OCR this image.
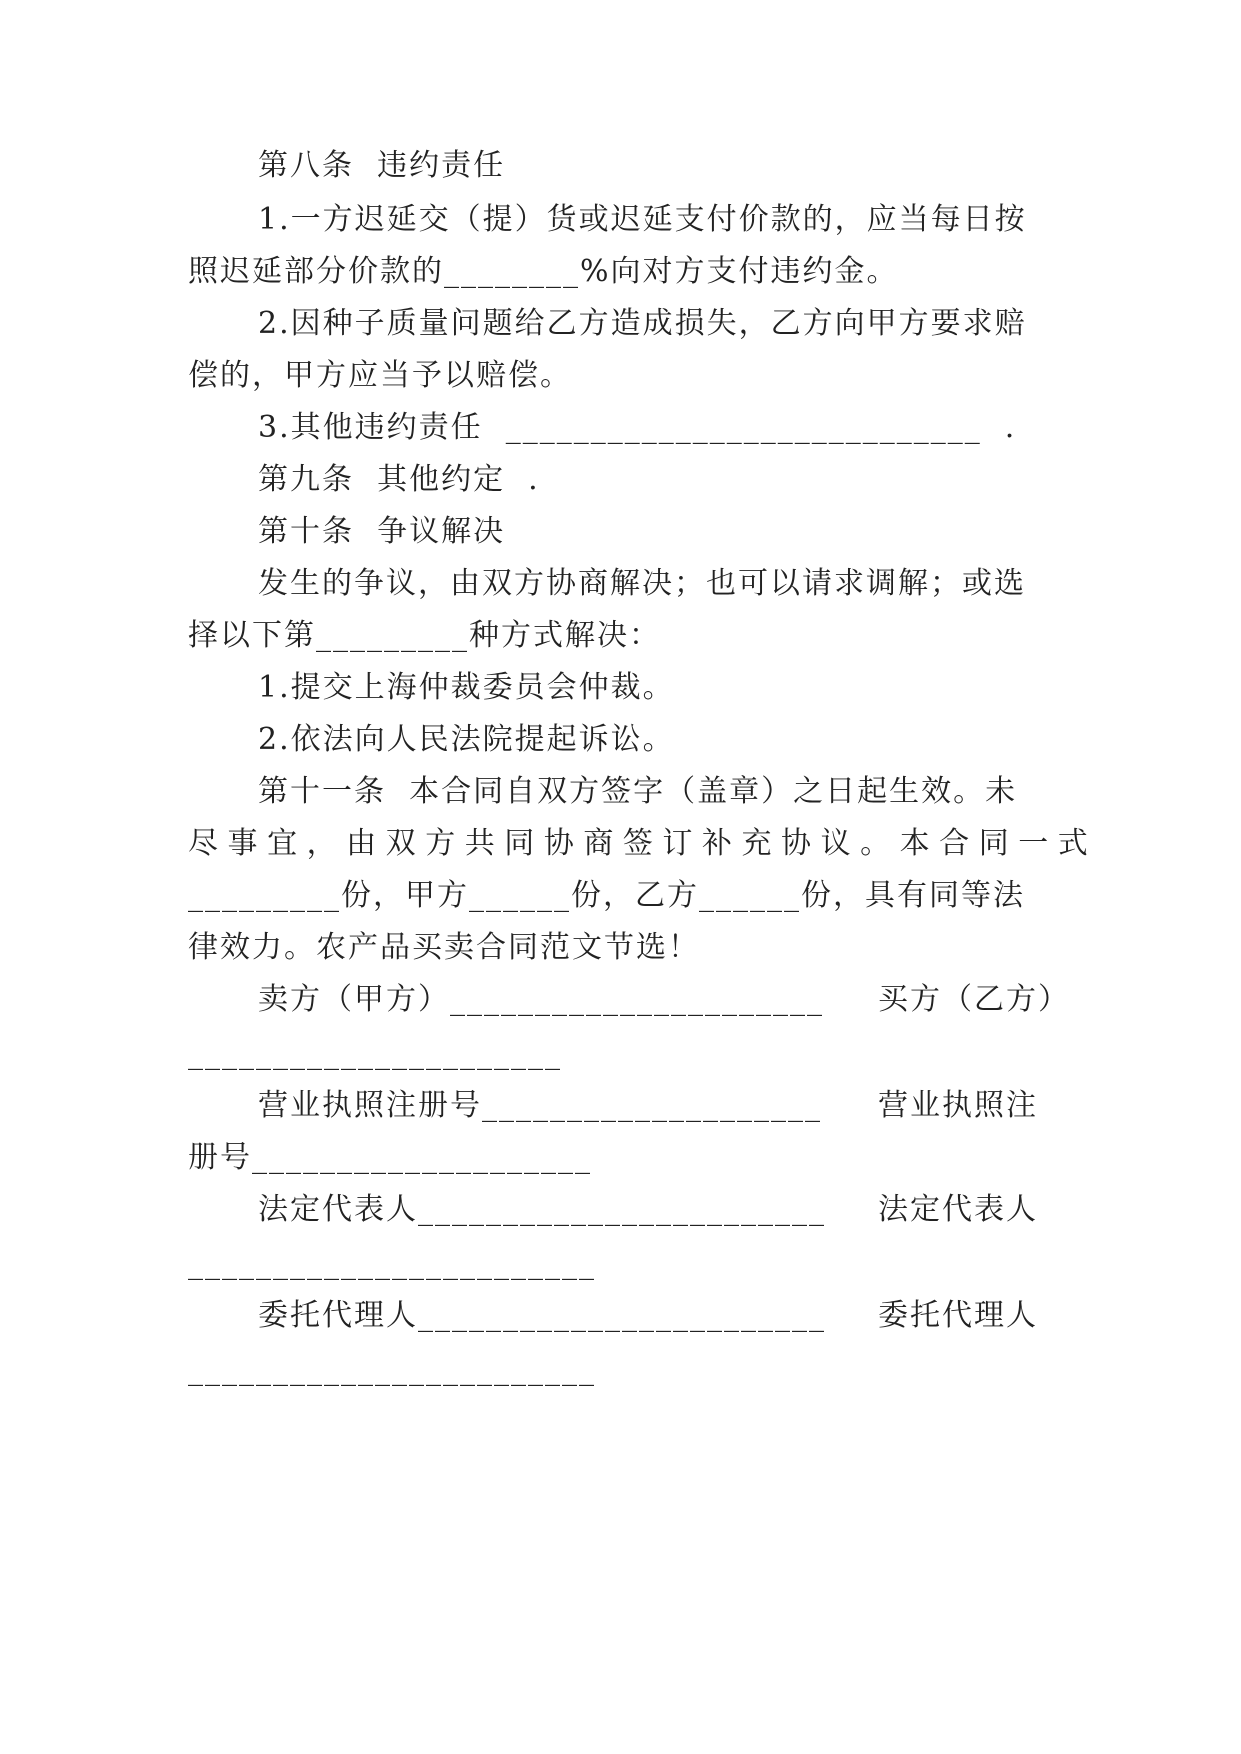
第八条  违约责任
1.一方迟延交（提）货或迟延支付价款的，应当每日按
照迟延部分价款的________%向对方支付违约金。
2.因种子质量问题给乙方造成损失，乙方向甲方要求赔
偿的，甲方应当予以赔偿。
3.其他违约责任  ____________________________  .
第九条  其他约定  .
第十条  争议解决
发生的争议，由双方协商解决；也可以请求调解；或选
择以下第_________种方式解决：
1.提交上海仲裁委员会仲裁。
2.依法向人民法院提起诉讼。
第十一条  本合同自双方签字（盖章）之日起生效。未
尽 事 宜 ， 由 双 方 共 同 协 商 签 订 补 充 协 议 。 本 合 同 一 式
_________份，甲方______份，乙方______份，具有同等法
律效力。农产品买卖合同范文节选！
卖方（甲方）______________________ 买方（乙方）
______________________
营业执照注册号____________________ 营业执照注
册号____________________
法定代表人________________________ 法定代表人
________________________
委托代理人________________________ 委托代理人
________________________
